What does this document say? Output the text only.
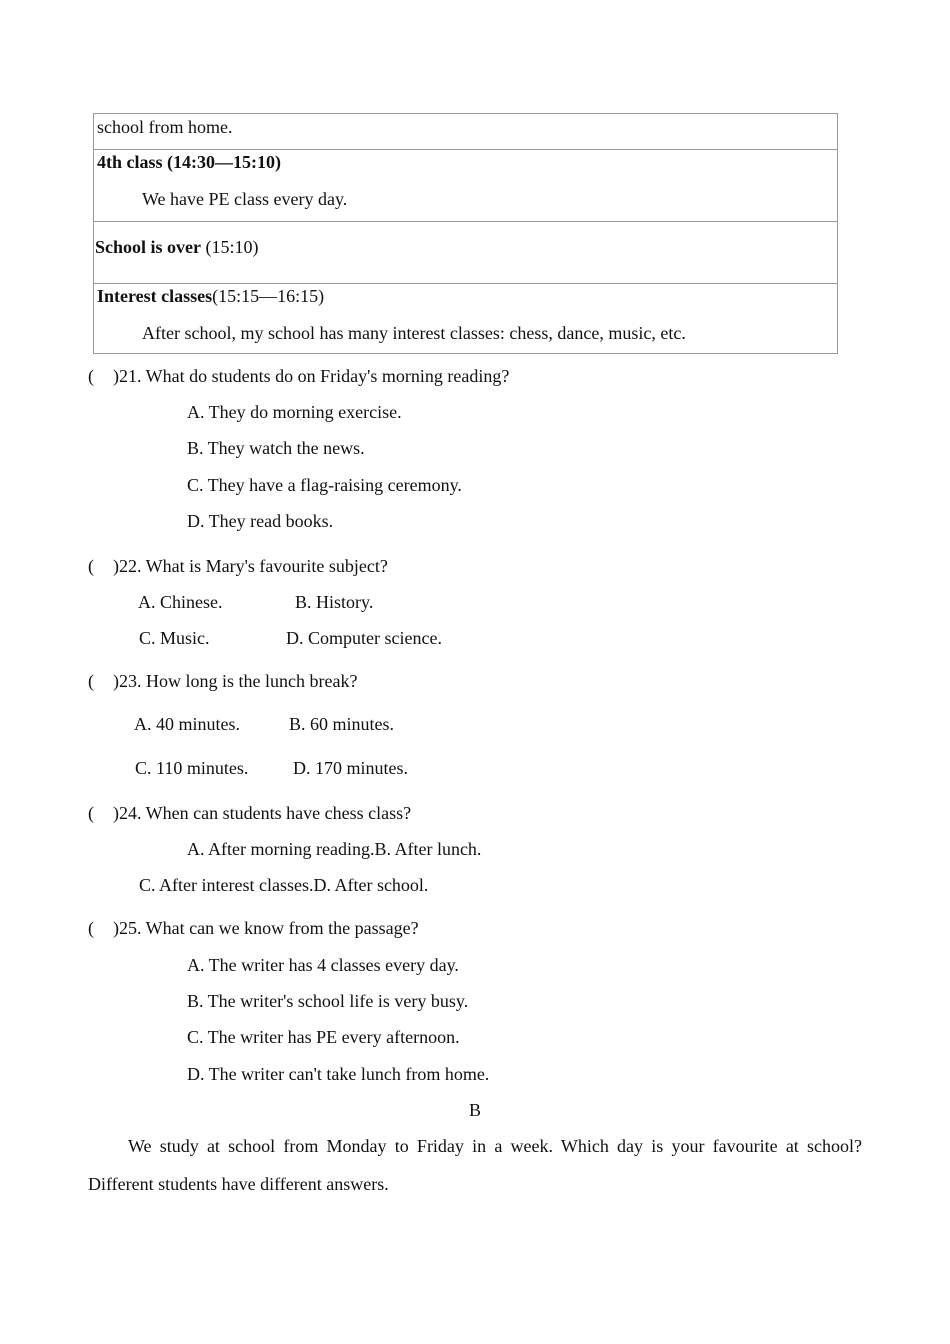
school from home.
4th class (14:30—15:10)
We have PE class every day.
School is over (15:10)
Interest classes(15:15—16:15)
After school, my school has many interest classes: chess, dance, music, etc.
( )21. What do students do on Friday's morning reading?
A. They do morning exercise.
B. They watch the news.
C. They have a flag-raising ceremony.
D. They read books.
( )22. What is Mary's favourite subject?
A. Chinese.	B. History.
C. Music.	D. Computer science.
( )23. How long is the lunch break?
A. 40 minutes.	B. 60 minutes.
C. 110 minutes. D. 170 minutes.
( )24. When can students have chess class?
A. After morning reading.B. After lunch.
C. After interest classes.D. After school.
( )25. What can we know from the passage?
A. The writer has 4 classes every day.
B. The writer's school life is very busy.
C. The writer has PE every afternoon.
D. The writer can't take lunch from home.
B
We study at school from Monday to Friday in a week. Which day is your favourite at school?
Different students have different answers.
